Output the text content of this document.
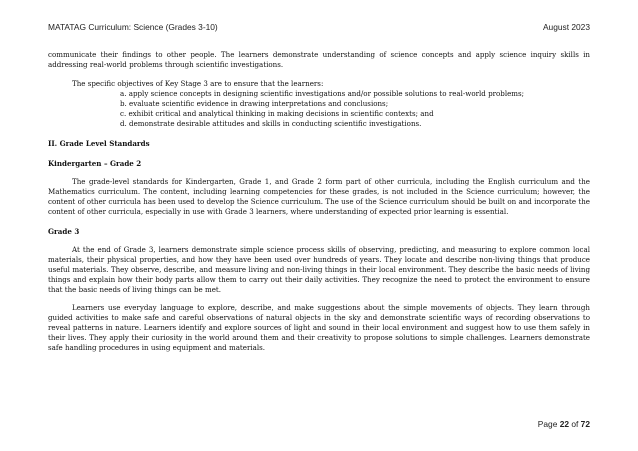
MATATAG Curriculum: Science (Grades 3-10)	August 2023

communicate their findings to other people. The learners demonstrate understanding of science concepts and apply science inquiry skills in addressing real-world problems through scientific investigations.

The specific objectives of Key Stage 3 are to ensure that the learners:

a. apply science concepts in designing scientific investigations and/or possible solutions to real-world problems;
b. evaluate scientific evidence in drawing interpretations and conclusions;
c. exhibit critical and analytical thinking in making decisions in scientific contexts; and
d. demonstrate desirable attitudes and skills in conducting scientific investigations.

II. Grade Level Standards

Kindergarten – Grade 2

The grade-level standards for Kindergarten, Grade 1, and Grade 2 form part of other curricula, including the English curriculum and the Mathematics curriculum. The content, including learning competencies for these grades, is not included in the Science curriculum; however, the content of other curricula has been used to develop the Science curriculum. The use of the Science curriculum should be built on and incorporate the content of other curricula, especially in use with Grade 3 learners, where understanding of expected prior learning is essential.

Grade 3

At the end of Grade 3, learners demonstrate simple science process skills of observing, predicting, and measuring to explore common local materials, their physical properties, and how they have been used over hundreds of years. They locate and describe non-living things that produce useful materials. They observe, describe, and measure living and non-living things in their local environment. They describe the basic needs of living things and explain how their body parts allow them to carry out their daily activities. They recognize the need to protect the environment to ensure that the basic needs of living things can be met.

Learners use everyday language to explore, describe, and make suggestions about the simple movements of objects. They learn through guided activities to make safe and careful observations of natural objects in the sky and demonstrate scientific ways of recording observations to reveal patterns in nature. Learners identify and explore sources of light and sound in their local environment and suggest how to use them safely in their lives. They apply their curiosity in the world around them and their creativity to propose solutions to simple challenges. Learners demonstrate safe handling procedures in using equipment and materials.

Page 22 of 72
